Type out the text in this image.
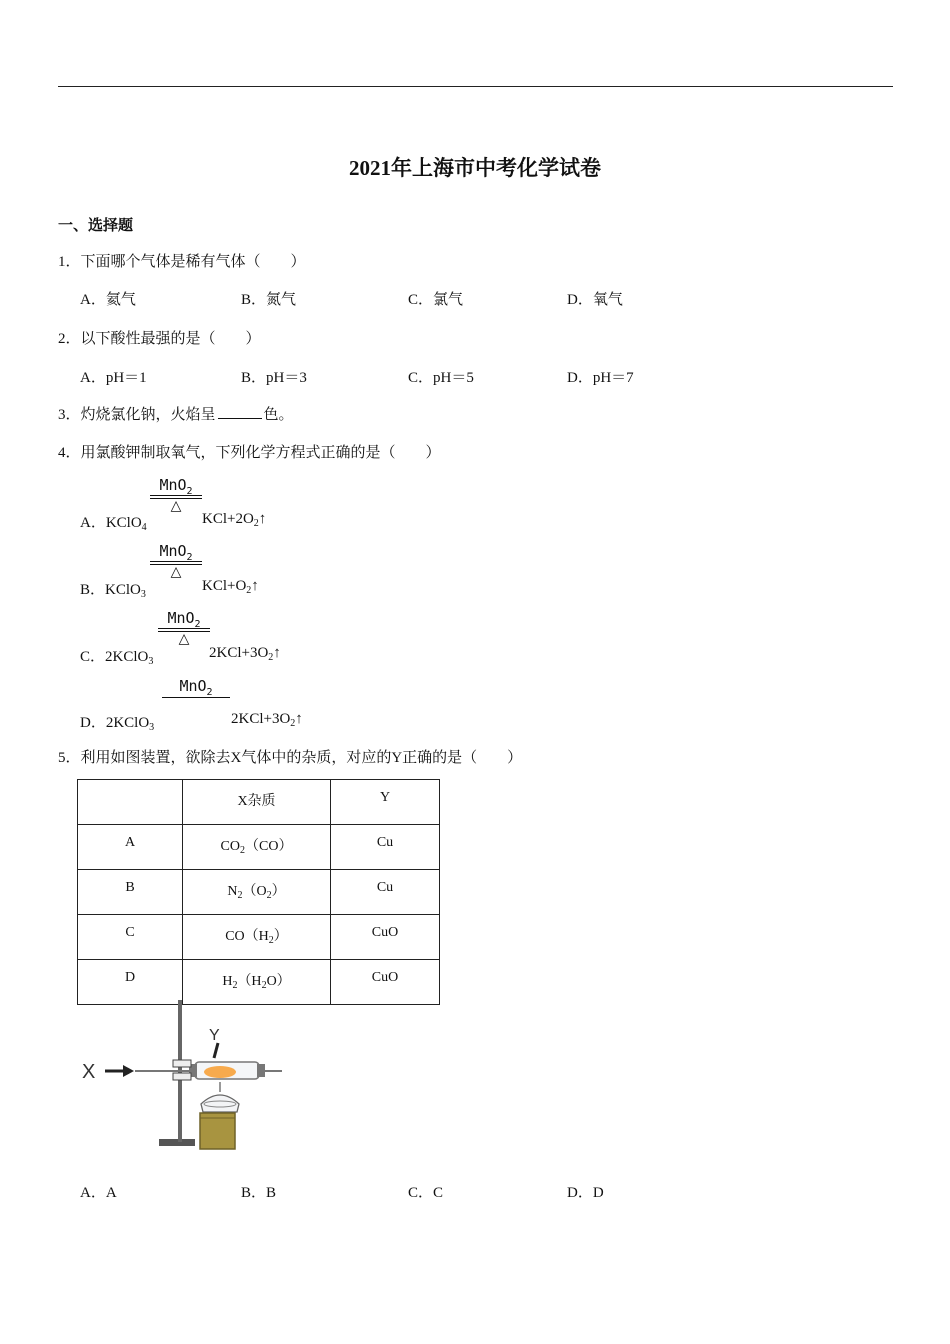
2021年上海市中考化学试卷
一、选择题
1．下面哪个气体是稀有气体（　　）
A．氦气	B．氮气	C．氯气	D．氧气
2．以下酸性最强的是（　　）
A．pH＝1	B．pH＝3	C．pH＝5	D．pH＝7
3．灼烧氯化钠，火焰呈	色。
4．用氯酸钾制取氧气，下列化学方程式正确的是（　　）
MnO$_2$
△
A．KClO$_4$
$KCl+2O_2↑$
MnO$_2$
△
B．KClO$_3$
$KCl+O_2↑$
MnO$_2$
△
C．2KClO$_3$
$2KCl+3O_2↑$
MnO$_2$
D．2KClO$_3$
$2KCl+3O_2↑$
5．利用如图装置，欲除去X气体中的杂质，对应的Y正确的是（　　）
	X杂质	Y
A	$CO_2(CO)$	Cu
B	$N_2(O_2)$	Cu
C	$CO(H_2)$	CuO
D	$H_2(H_2O)$	CuO
X
Y
A．A	B．B	C．C	D．D
